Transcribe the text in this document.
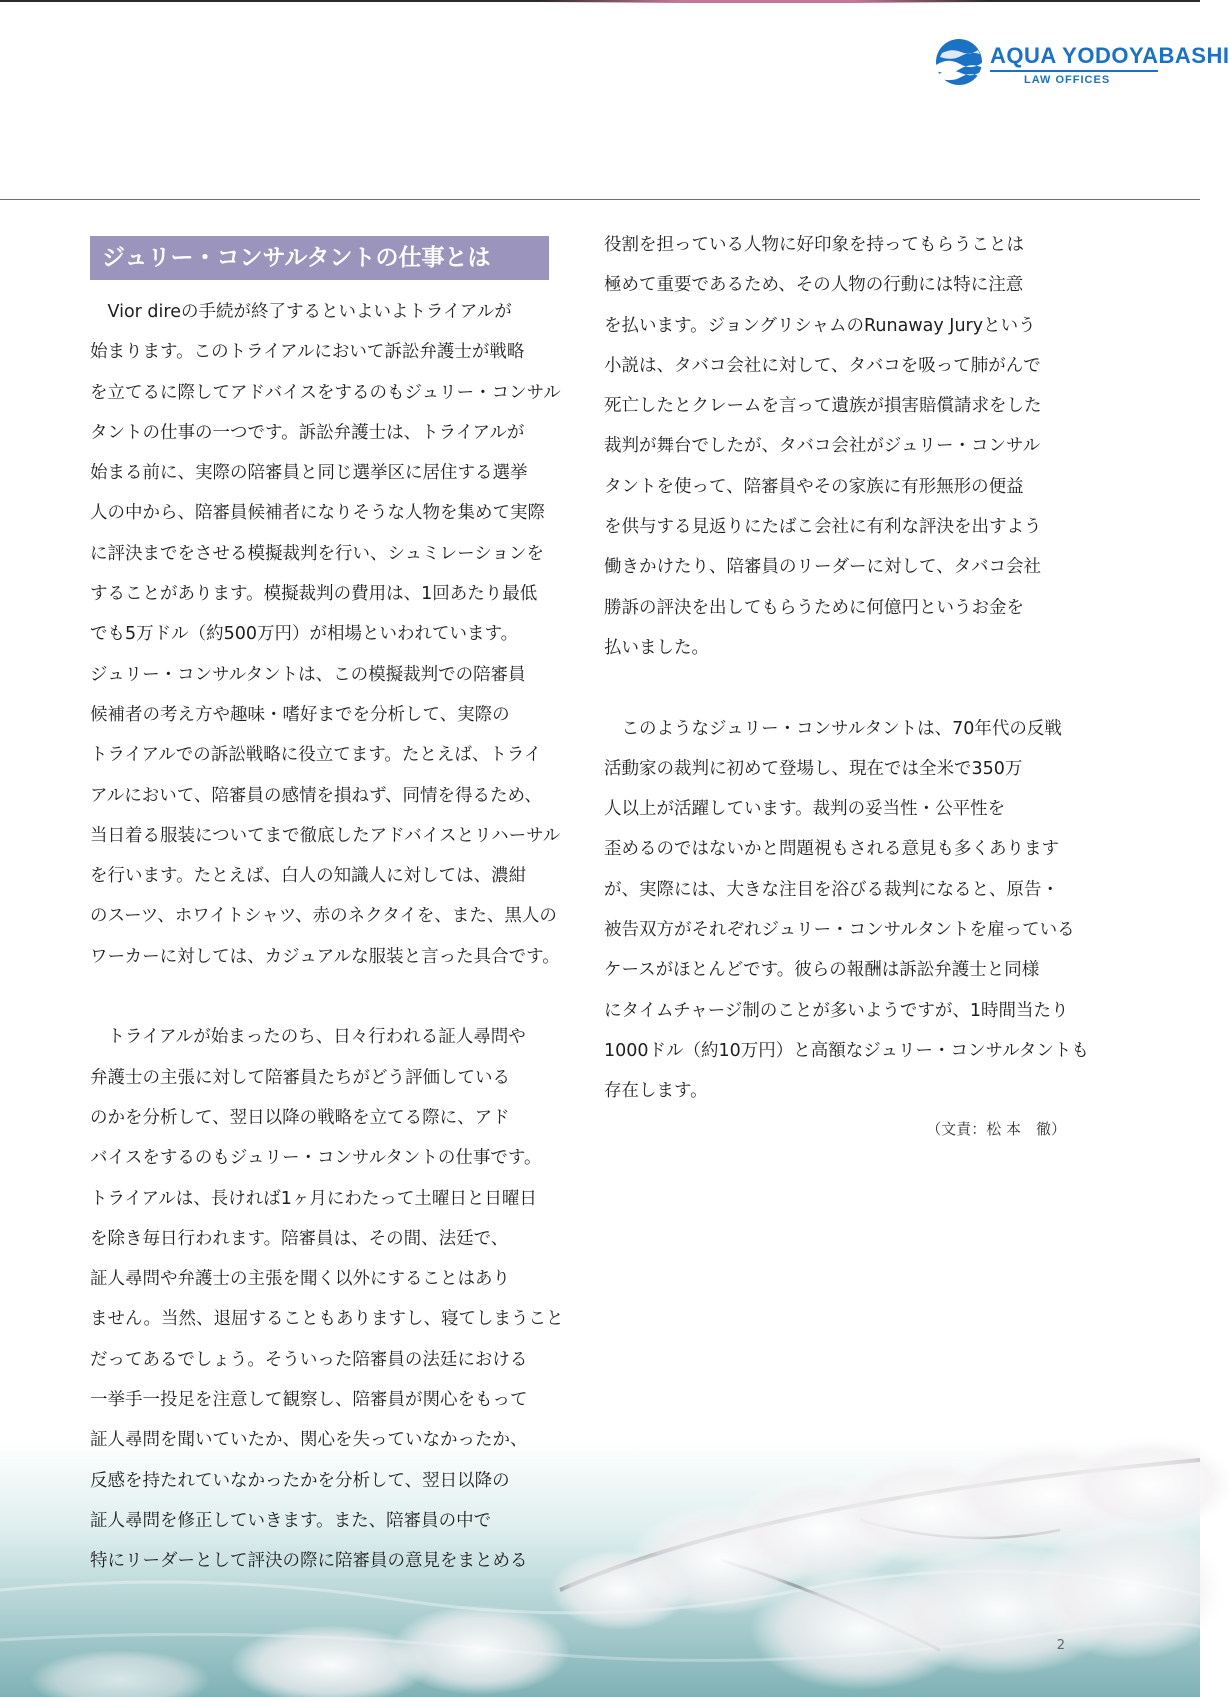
AQUA YODOYABASHI
LAW OFFICES
ジュリー・コンサルタントの仕事とは

　Vior direの手続が終了するといよいよトライアルが

始まります。このトライアルにおいて訴訟弁護士が戦略

を立てるに際してアドバイスをするのもジュリー・コンサル

タントの仕事の一つです。訴訟弁護士は、トライアルが

始まる前に、実際の陪審員と同じ選挙区に居住する選挙

人の中から、陪審員候補者になりそうな人物を集めて実際

に評決までをさせる模擬裁判を行い、シュミレーションを

することがあります。模擬裁判の費用は、1回あたり最低

でも5万ドル（約500万円）が相場といわれています。

ジュリー・コンサルタントは、この模擬裁判での陪審員

候補者の考え方や趣味・嗜好までを分析して、実際の

トライアルでの訴訟戦略に役立てます。たとえば、トライ

アルにおいて、陪審員の感情を損ねず、同情を得るため、

当日着る服装についてまで徹底したアドバイスとリハーサル

を行います。たとえば、白人の知識人に対しては、濃紺

のスーツ、ホワイトシャツ、赤のネクタイを、また、黒人の

ワーカーに対しては、カジュアルな服装と言った具合です。

　トライアルが始まったのち、日々行われる証人尋問や

弁護士の主張に対して陪審員たちがどう評価している

のかを分析して、翌日以降の戦略を立てる際に、アド

バイスをするのもジュリー・コンサルタントの仕事です。

トライアルは、長ければ1ヶ月にわたって土曜日と日曜日

を除き毎日行われます。陪審員は、その間、法廷で、

証人尋問や弁護士の主張を聞く以外にすることはあり

ません。当然、退屈することもありますし、寝てしまうこと

だってあるでしょう。そういった陪審員の法廷における

一挙手一投足を注意して観察し、陪審員が関心をもって

証人尋問を聞いていたか、関心を失っていなかったか、

反感を持たれていなかったかを分析して、翌日以降の

証人尋問を修正していきます。また、陪審員の中で

特にリーダーとして評決の際に陪審員の意見をまとめる

役割を担っている人物に好印象を持ってもらうことは

極めて重要であるため、その人物の行動には特に注意

を払います。ジョングリシャムのRunaway Juryという

小説は、タバコ会社に対して、タバコを吸って肺がんで

死亡したとクレームを言って遺族が損害賠償請求をした

裁判が舞台でしたが、タバコ会社がジュリー・コンサル

タントを使って、陪審員やその家族に有形無形の便益

を供与する見返りにたばこ会社に有利な評決を出すよう

働きかけたり、陪審員のリーダーに対して、タバコ会社

勝訴の評決を出してもらうために何億円というお金を

払いました。

　このようなジュリー・コンサルタントは、70年代の反戦

活動家の裁判に初めて登場し、現在では全米で350万

人以上が活躍しています。裁判の妥当性・公平性を

歪めるのではないかと問題視もされる意見も多くあります

が、実際には、大きな注目を浴びる裁判になると、原告・

被告双方がそれぞれジュリー・コンサルタントを雇っている

ケースがほとんどです。彼らの報酬は訴訟弁護士と同様

にタイムチャージ制のことが多いようですが、1時間当たり

1000ドル（約10万円）と高額なジュリー・コンサルタントも

存在します。

（文責：松 本　徹）
2
